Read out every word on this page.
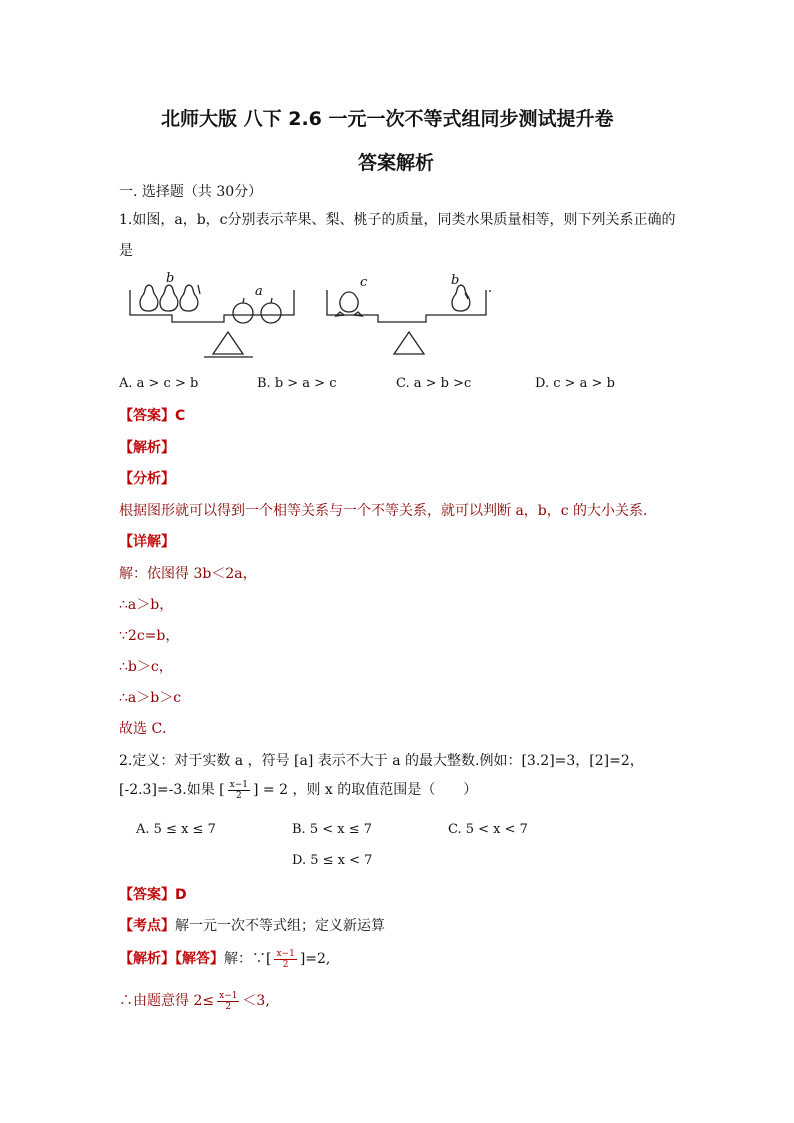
北师大版 八下 2.6 一元一次不等式组同步测试提升卷
答案解析
一. 选择题（共 30分）
1.如图，a，b，c分别表示苹果、梨、桃子的质量，同类水果质量相等，则下列关系正确的
是
b
a
c	b
A. a > c > b	B. b > a > c	C. a > b >c	D. c > a > b
【答案】C
【解析】
【分析】
根据图形就可以得到一个相等关系与一个不等关系，就可以判断 a，b，c 的大小关系．
【详解】
解：依图得 3b＜2a，
∴a＞b，
∵2c=b，
∴b＞c，
∴a＞b＞c
故选 C．
2.定义：对于实数 a ，符号 [a] 表示不大于 a 的最大整数.例如：[3.2]=3，[2]=2，
[-2.3]=-3.如果 [ $\frac{x-1}{2}$ ] = 2 ，则 x 的取值范围是（　　）
A. 5 ≤ x ≤ 7	B. 5 < x ≤ 7	C. 5 < x < 7
D. 5 ≤ x < 7
【答案】D
【考点】解一元一次不等式组；定义新运算
【解析】【解答】解：∵[ $\frac{x-1}{2} ]=2$,
∴由题意得 $2\le \frac{x-1}{2} <3$,
